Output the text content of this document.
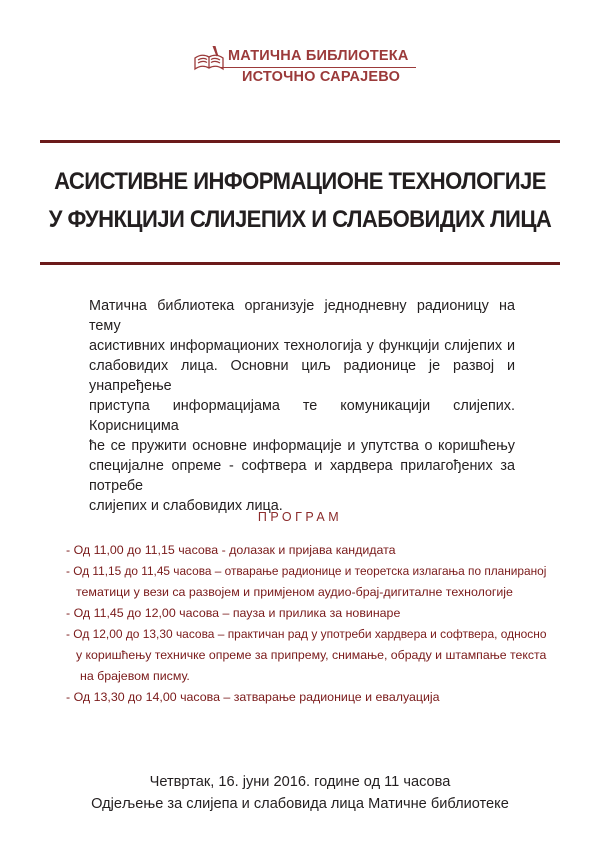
МАТИЧНА БИБЛИОТЕКА
ИСТОЧНО САРАЈЕВО
АСИСТИВНЕ ИНФОРМАЦИОНЕ ТЕХНОЛОГИЈЕ
У ФУНКЦИЈИ СЛИЈЕПИХ И СЛАБОВИДИХ ЛИЦА

Матична библиотека организује једнодневну радионицу на тему
асистивних информационих технологија у функцији слијепих и
слабовидих лица. Основни циљ радионице је развој и унапређење
приступа информацијама те комуникацији слијепих. Корисницима
ће се пружити основне информације и упутства о коришћењу
специјалне опреме - софтвера и хардвера прилагођених за потребе
слијепих и слабовидих лица.

ПРОГРАМ
- Од 11,00 до 11,15 часова - долазак и пријава кандидата
- Од 11,15 до 11,45 часова – отварање радионице и теоретска излагања по планираној
тематици у вези са развојем и примјеном аудио-брај-дигиталне технологије
- Од 11,45 до 12,00 часова – пауза и прилика за новинаре
- Од 12,00 до 13,30 часова – практичан рад у употреби хардвера и софтвера, односно
у коришћењу техничке опреме за припрему, снимање, обраду и штампање текста
на брајевом писму.
- Од 13,30 до 14,00 часова – затварање радионице и евалуација
Четвртак, 16. јуни 2016. године од 11 часова
Одјељење за слијепа и слабовида лица Матичне библиотеке
